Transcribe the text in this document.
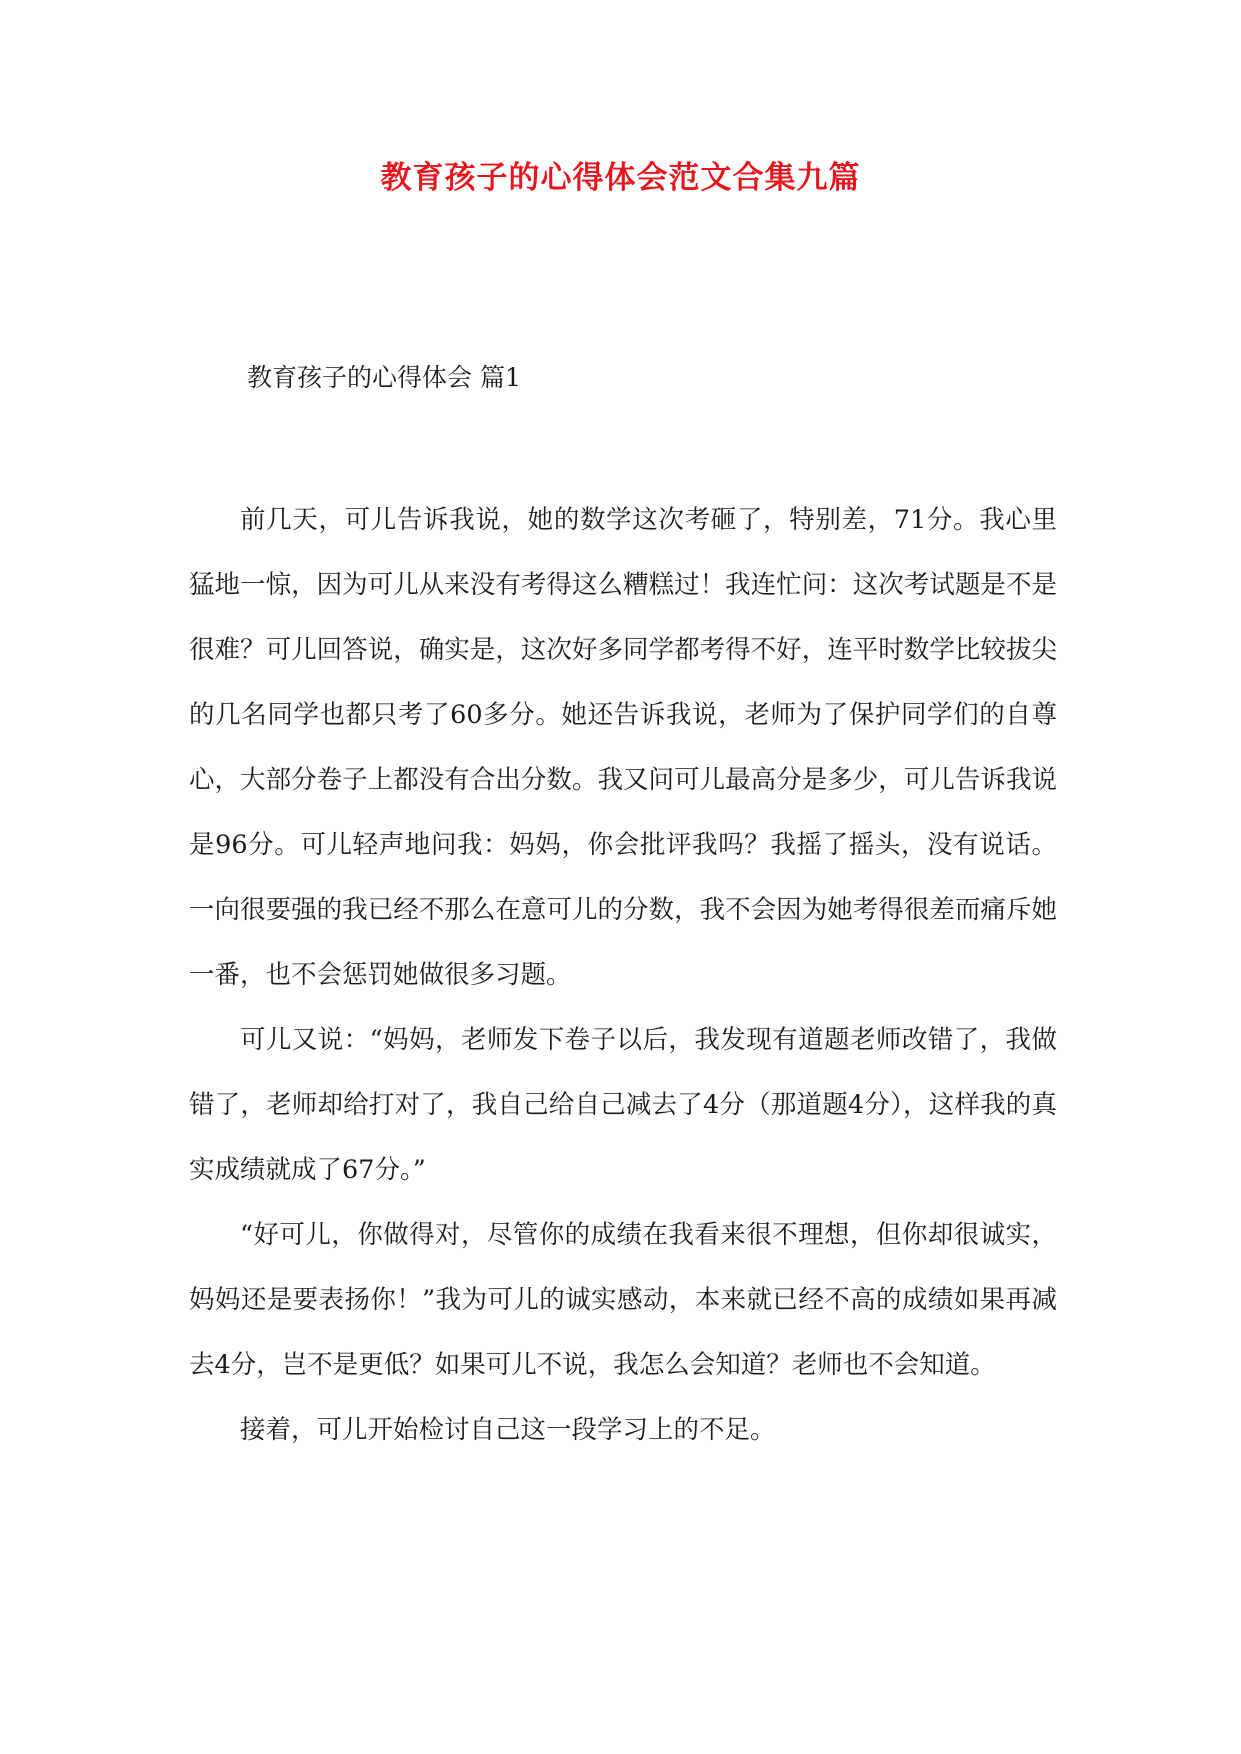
教育孩子的心得体会范文合集九篇
教育孩子的心得体会 篇1

前几天，可儿告诉我说，她的数学这次考砸了，特别差，71分。我心里猛地一惊，因为可儿从来没有考得这么糟糕过！我连忙问：这次考试题是不是很难？可儿回答说，确实是，这次好多同学都考得不好，连平时数学比较拔尖的几名同学也都只考了60多分。她还告诉我说，老师为了保护同学们的自尊心，大部分卷子上都没有合出分数。我又问可儿最高分是多少，可儿告诉我说是96分。可儿轻声地问我：妈妈，你会批评我吗？我摇了摇头，没有说话。一向很要强的我已经不那么在意可儿的分数，我不会因为她考得很差而痛斥她一番，也不会惩罚她做很多习题。

可儿又说：“妈妈，老师发下卷子以后，我发现有道题老师改错了，我做错了，老师却给打对了，我自己给自己减去了4分（那道题4分），这样我的真实成绩就成了67分。”

“好可儿，你做得对，尽管你的成绩在我看来很不理想，但你却很诚实，妈妈还是要表扬你！”我为可儿的诚实感动，本来就已经不高的成绩如果再减去4分，岂不是更低？如果可儿不说，我怎么会知道？老师也不会知道。

接着，可儿开始检讨自己这一段学习上的不足。
